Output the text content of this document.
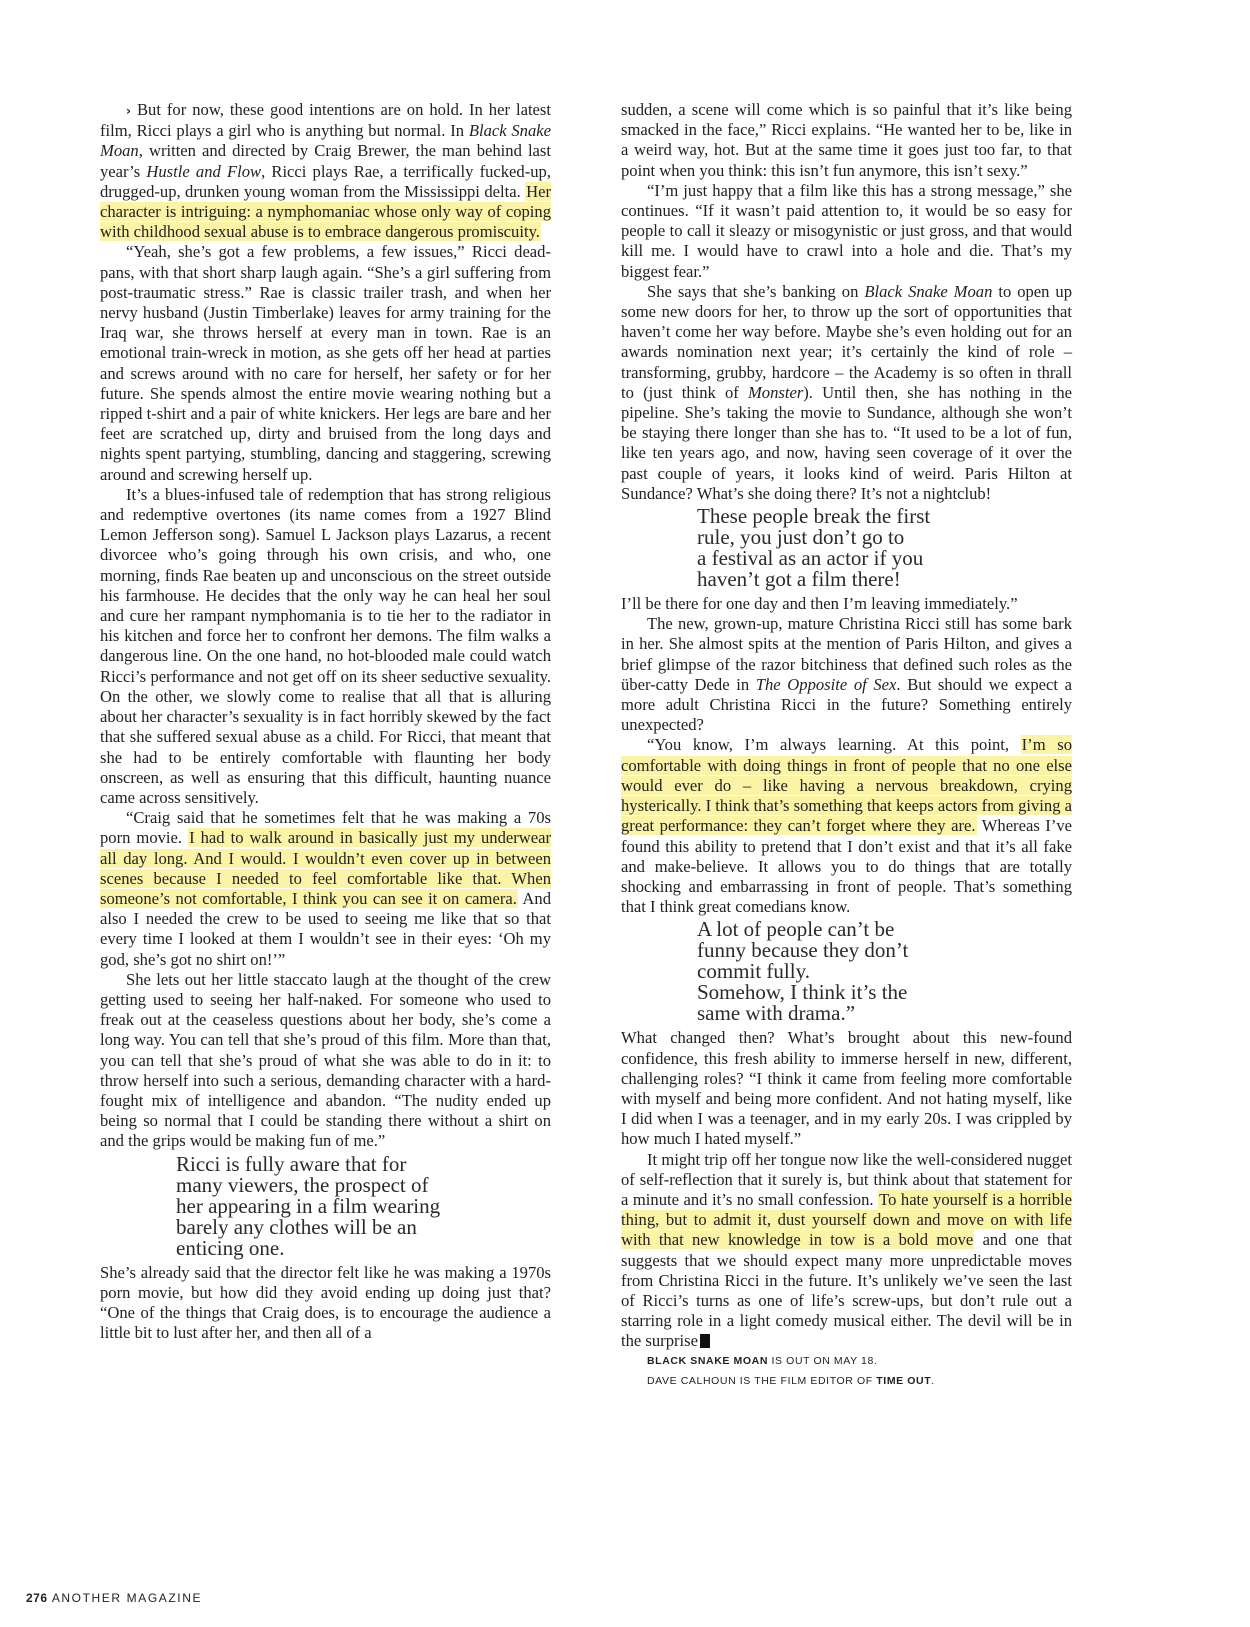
› But for now, these good intentions are on hold. In her latest film, Ricci plays a girl who is anything but normal. In Black Snake Moan, written and directed by Craig Brewer, the man behind last year’s Hustle and Flow, Ricci plays Rae, a terrifically fucked-up, drugged-up, drunken young woman from the Mississippi delta. Her character is intriguing: a nymphomaniac whose only way of coping with childhood sexual abuse is to embrace dangerous promiscuity.

“Yeah, she’s got a few problems, a few issues,” Ricci dead-pans, with that short sharp laugh again. “She’s a girl suffering from post-traumatic stress.” Rae is classic trailer trash, and when her nervy husband (Justin Timberlake) leaves for army training for the Iraq war, she throws herself at every man in town. Rae is an emotional train-wreck in motion, as she gets off her head at parties and screws around with no care for herself, her safety or for her future. She spends almost the entire movie wearing nothing but a ripped t-shirt and a pair of white knickers. Her legs are bare and her feet are scratched up, dirty and bruised from the long days and nights spent partying, stumbling, dancing and staggering, screwing around and screwing herself up.

It’s a blues-infused tale of redemption that has strong religious and redemptive overtones (its name comes from a 1927 Blind Lemon Jefferson song). Samuel L Jackson plays Lazarus, a recent divorcee who’s going through his own crisis, and who, one morning, finds Rae beaten up and unconscious on the street outside his farmhouse. He decides that the only way he can heal her soul and cure her rampant nymphomania is to tie her to the radiator in his kitchen and force her to confront her demons. The film walks a dangerous line. On the one hand, no hot-blooded male could watch Ricci’s performance and not get off on its sheer seductive sexuality. On the other, we slowly come to realise that all that is alluring about her character’s sexuality is in fact horribly skewed by the fact that she suffered sexual abuse as a child. For Ricci, that meant that she had to be entirely comfortable with flaunting her body onscreen, as well as ensuring that this difficult, haunting nuance came across sensitively.

“Craig said that he sometimes felt that he was making a 70s porn movie. I had to walk around in basically just my underwear all day long. And I would. I wouldn’t even cover up in between scenes because I needed to feel comfortable like that. When someone’s not comfortable, I think you can see it on camera. And also I needed the crew to be used to seeing me like that so that every time I looked at them I wouldn’t see in their eyes: ‘Oh my god, she’s got no shirt on!’”

She lets out her little staccato laugh at the thought of the crew getting used to seeing her half-naked. For someone who used to freak out at the ceaseless questions about her body, she’s come a long way. You can tell that she’s proud of this film. More than that, you can tell that she’s proud of what she was able to do in it: to throw herself into such a serious, demanding character with a hard-fought mix of intelligence and abandon. “The nudity ended up being so normal that I could be standing there without a shirt on and the grips would be making fun of me.”

Ricci is fully aware that for
many viewers, the prospect of
her appearing in a film wearing
barely any clothes will be an
enticing one.

She’s already said that the director felt like he was making a 1970s porn movie, but how did they avoid ending up doing just that? “One of the things that Craig does, is to encourage the audience a little bit to lust after her, and then all of a

sudden, a scene will come which is so painful that it’s like being smacked in the face,” Ricci explains. “He wanted her to be, like in a weird way, hot. But at the same time it goes just too far, to that point when you think: this isn’t fun anymore, this isn’t sexy.”

“I’m just happy that a film like this has a strong message,” she continues. “If it wasn’t paid attention to, it would be so easy for people to call it sleazy or misogynistic or just gross, and that would kill me. I would have to crawl into a hole and die. That’s my biggest fear.”

She says that she’s banking on Black Snake Moan to open up some new doors for her, to throw up the sort of opportunities that haven’t come her way before. Maybe she’s even holding out for an awards nomination next year; it’s certainly the kind of role – transforming, grubby, hardcore – the Academy is so often in thrall to (just think of Monster). Until then, she has nothing in the pipeline. She’s taking the movie to Sundance, although she won’t be staying there longer than she has to. “It used to be a lot of fun, like ten years ago, and now, having seen coverage of it over the past couple of years, it looks kind of weird. Paris Hilton at Sundance? What’s she doing there? It’s not a nightclub!

These people break the first
rule, you just don’t go to
a festival as an actor if you
haven’t got a film there!

I’ll be there for one day and then I’m leaving immediately.”

The new, grown-up, mature Christina Ricci still has some bark in her. She almost spits at the mention of Paris Hilton, and gives a brief glimpse of the razor bitchiness that defined such roles as the über-catty Dede in The Opposite of Sex. But should we expect a more adult Christina Ricci in the future? Something entirely unexpected?

“You know, I’m always learning. At this point, I’m so comfortable with doing things in front of people that no one else would ever do – like having a nervous breakdown, crying hysterically. I think that’s something that keeps actors from giving a great performance: they can’t forget where they are. Whereas I’ve found this ability to pretend that I don’t exist and that it’s all fake and make-believe. It allows you to do things that are totally shocking and embarrassing in front of people. That’s something that I think great comedians know.

A lot of people can’t be
funny because they don’t
commit fully.
Somehow, I think it’s the
same with drama.”

What changed then? What’s brought about this new-found confidence, this fresh ability to immerse herself in new, different, challenging roles? “I think it came from feeling more comfortable with myself and being more confident. And not hating myself, like I did when I was a teenager, and in my early 20s. I was crippled by how much I hated myself.”

It might trip off her tongue now like the well-considered nugget of self-reflection that it surely is, but think about that statement for a minute and it’s no small confession. To hate yourself is a horrible thing, but to admit it, dust yourself down and move on with life with that new knowledge in tow is a bold move and one that suggests that we should expect many more unpredictable moves from Christina Ricci in the future. It’s unlikely we’ve seen the last of Ricci’s turns as one of life’s screw-ups, but don’t rule out a starring role in a light comedy musical either. The devil will be in the surprise

BLACK SNAKE MOAN IS OUT ON MAY 18.

DAVE CALHOUN IS THE FILM EDITOR OF TIME OUT.

276 ANOTHER MAGAZINE
